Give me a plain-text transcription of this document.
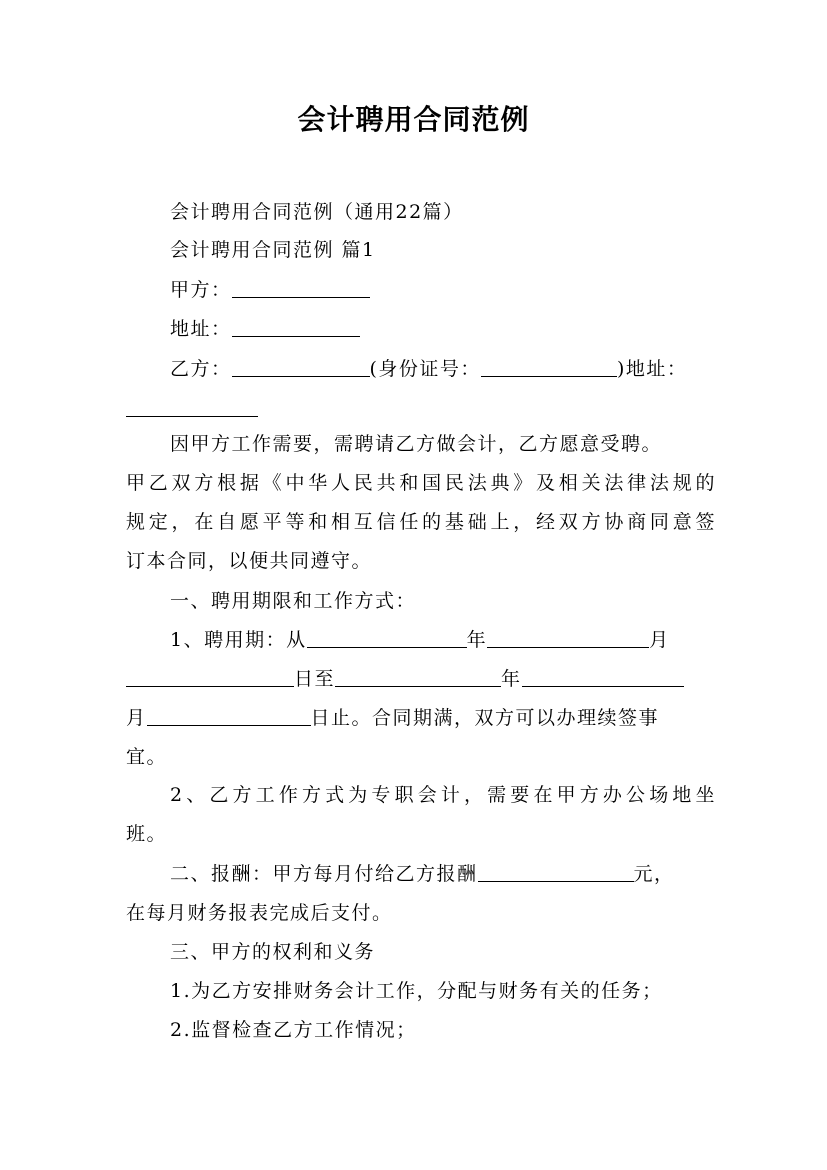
会计聘用合同范例
会计聘用合同范例（通用22篇）
会计聘用合同范例 篇1
甲方：
地址：
乙方：	(身份证号：	)地址：
因甲方工作需要，需聘请乙方做会计，乙方愿意受聘。
甲乙双方根据《中华人民共和国民法典》及相关法律法规的
规定，在自愿平等和相互信任的基础上，经双方协商同意签
订本合同，以便共同遵守。
一、聘用期限和工作方式：
1、聘用期：从	年	月
日至	年
月	日止。合同期满，双方可以办理续签事
宜。
2、乙方工作方式为专职会计，需要在甲方办公场地坐
班。
二、报酬：甲方每月付给乙方报酬	元，
在每月财务报表完成后支付。
三、甲方的权利和义务
1.为乙方安排财务会计工作，分配与财务有关的任务；
2.监督检查乙方工作情况；
